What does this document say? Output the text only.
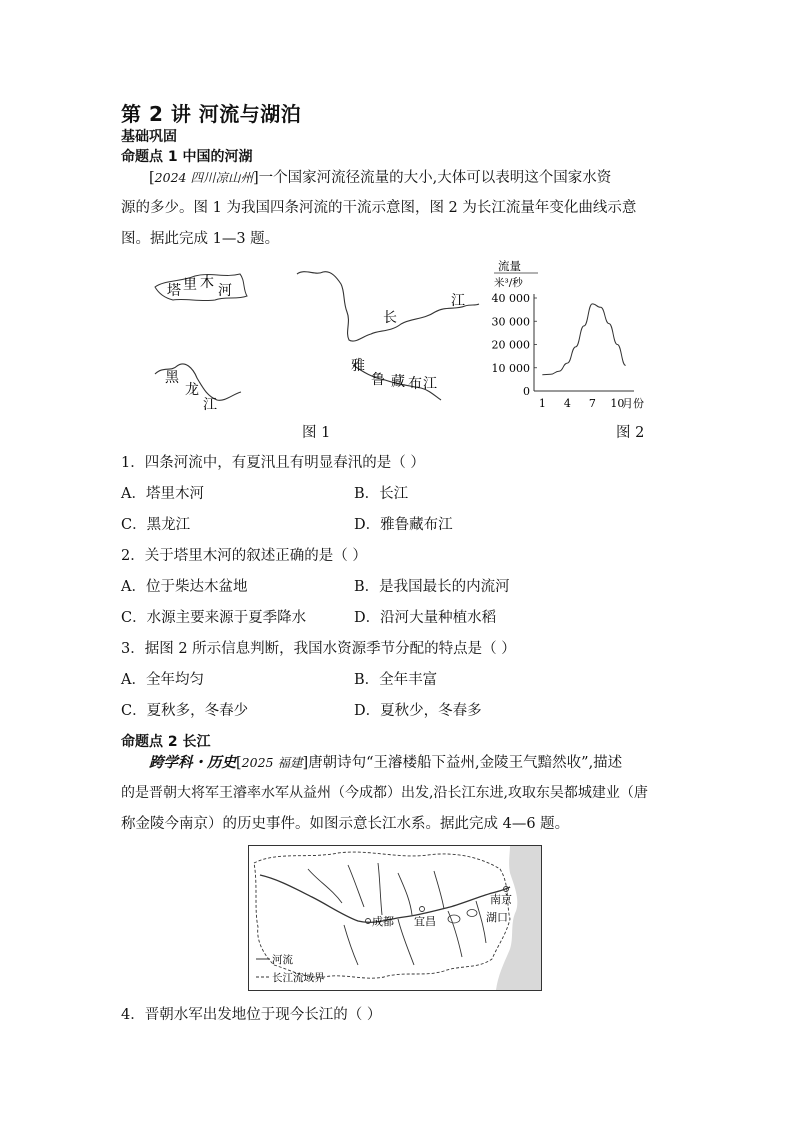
第 2 讲 河流与湖泊
基础巩固
命题点 1 中国的河湖
[2024 四川凉山州]一个国家河流径流量的大小,大体可以表明这个国家水资
源的多少。图 1 为我国四条河流的干流示意图，图 2 为长江流量年变化曲线示意
图。据此完成 1—3 题。
塔 里 木 河
长
江
雅
鲁 藏 布 江
黑
龙
江
图 1
流量
米³/秒
40 000
30 000
20 000
10 000
0
1 4 7 10
月份
图 2
1．四条河流中，有夏汛且有明显春汛的是（ ）
A．塔里木河	B．长江
C．黑龙江	D．雅鲁藏布江
2．关于塔里木河的叙述正确的是（ ）
A．位于柴达木盆地	B．是我国最长的内流河
C．水源主要来源于夏季降水	D．沿河大量种植水稻
3．据图 2 所示信息判断，我国水资源季节分配的特点是（ ）
A．全年均匀	B．全年丰富
C．夏秋多，冬春少	D．夏秋少，冬春多
命题点 2 长江
跨学科・历史[2025 福建]唐朝诗句“王濬楼船下益州,金陵王气黯然收”,描述
的是晋朝大将军王濬率水军从益州（今成都）出发,沿长江东进,攻取东吴都城建业（唐
称金陵今南京）的历史事件。如图示意长江水系。据此完成 4—6 题。
成都 宜昌
南京
湖口
河流
长江流域界
4．晋朝水军出发地位于现今长江的（ ）
